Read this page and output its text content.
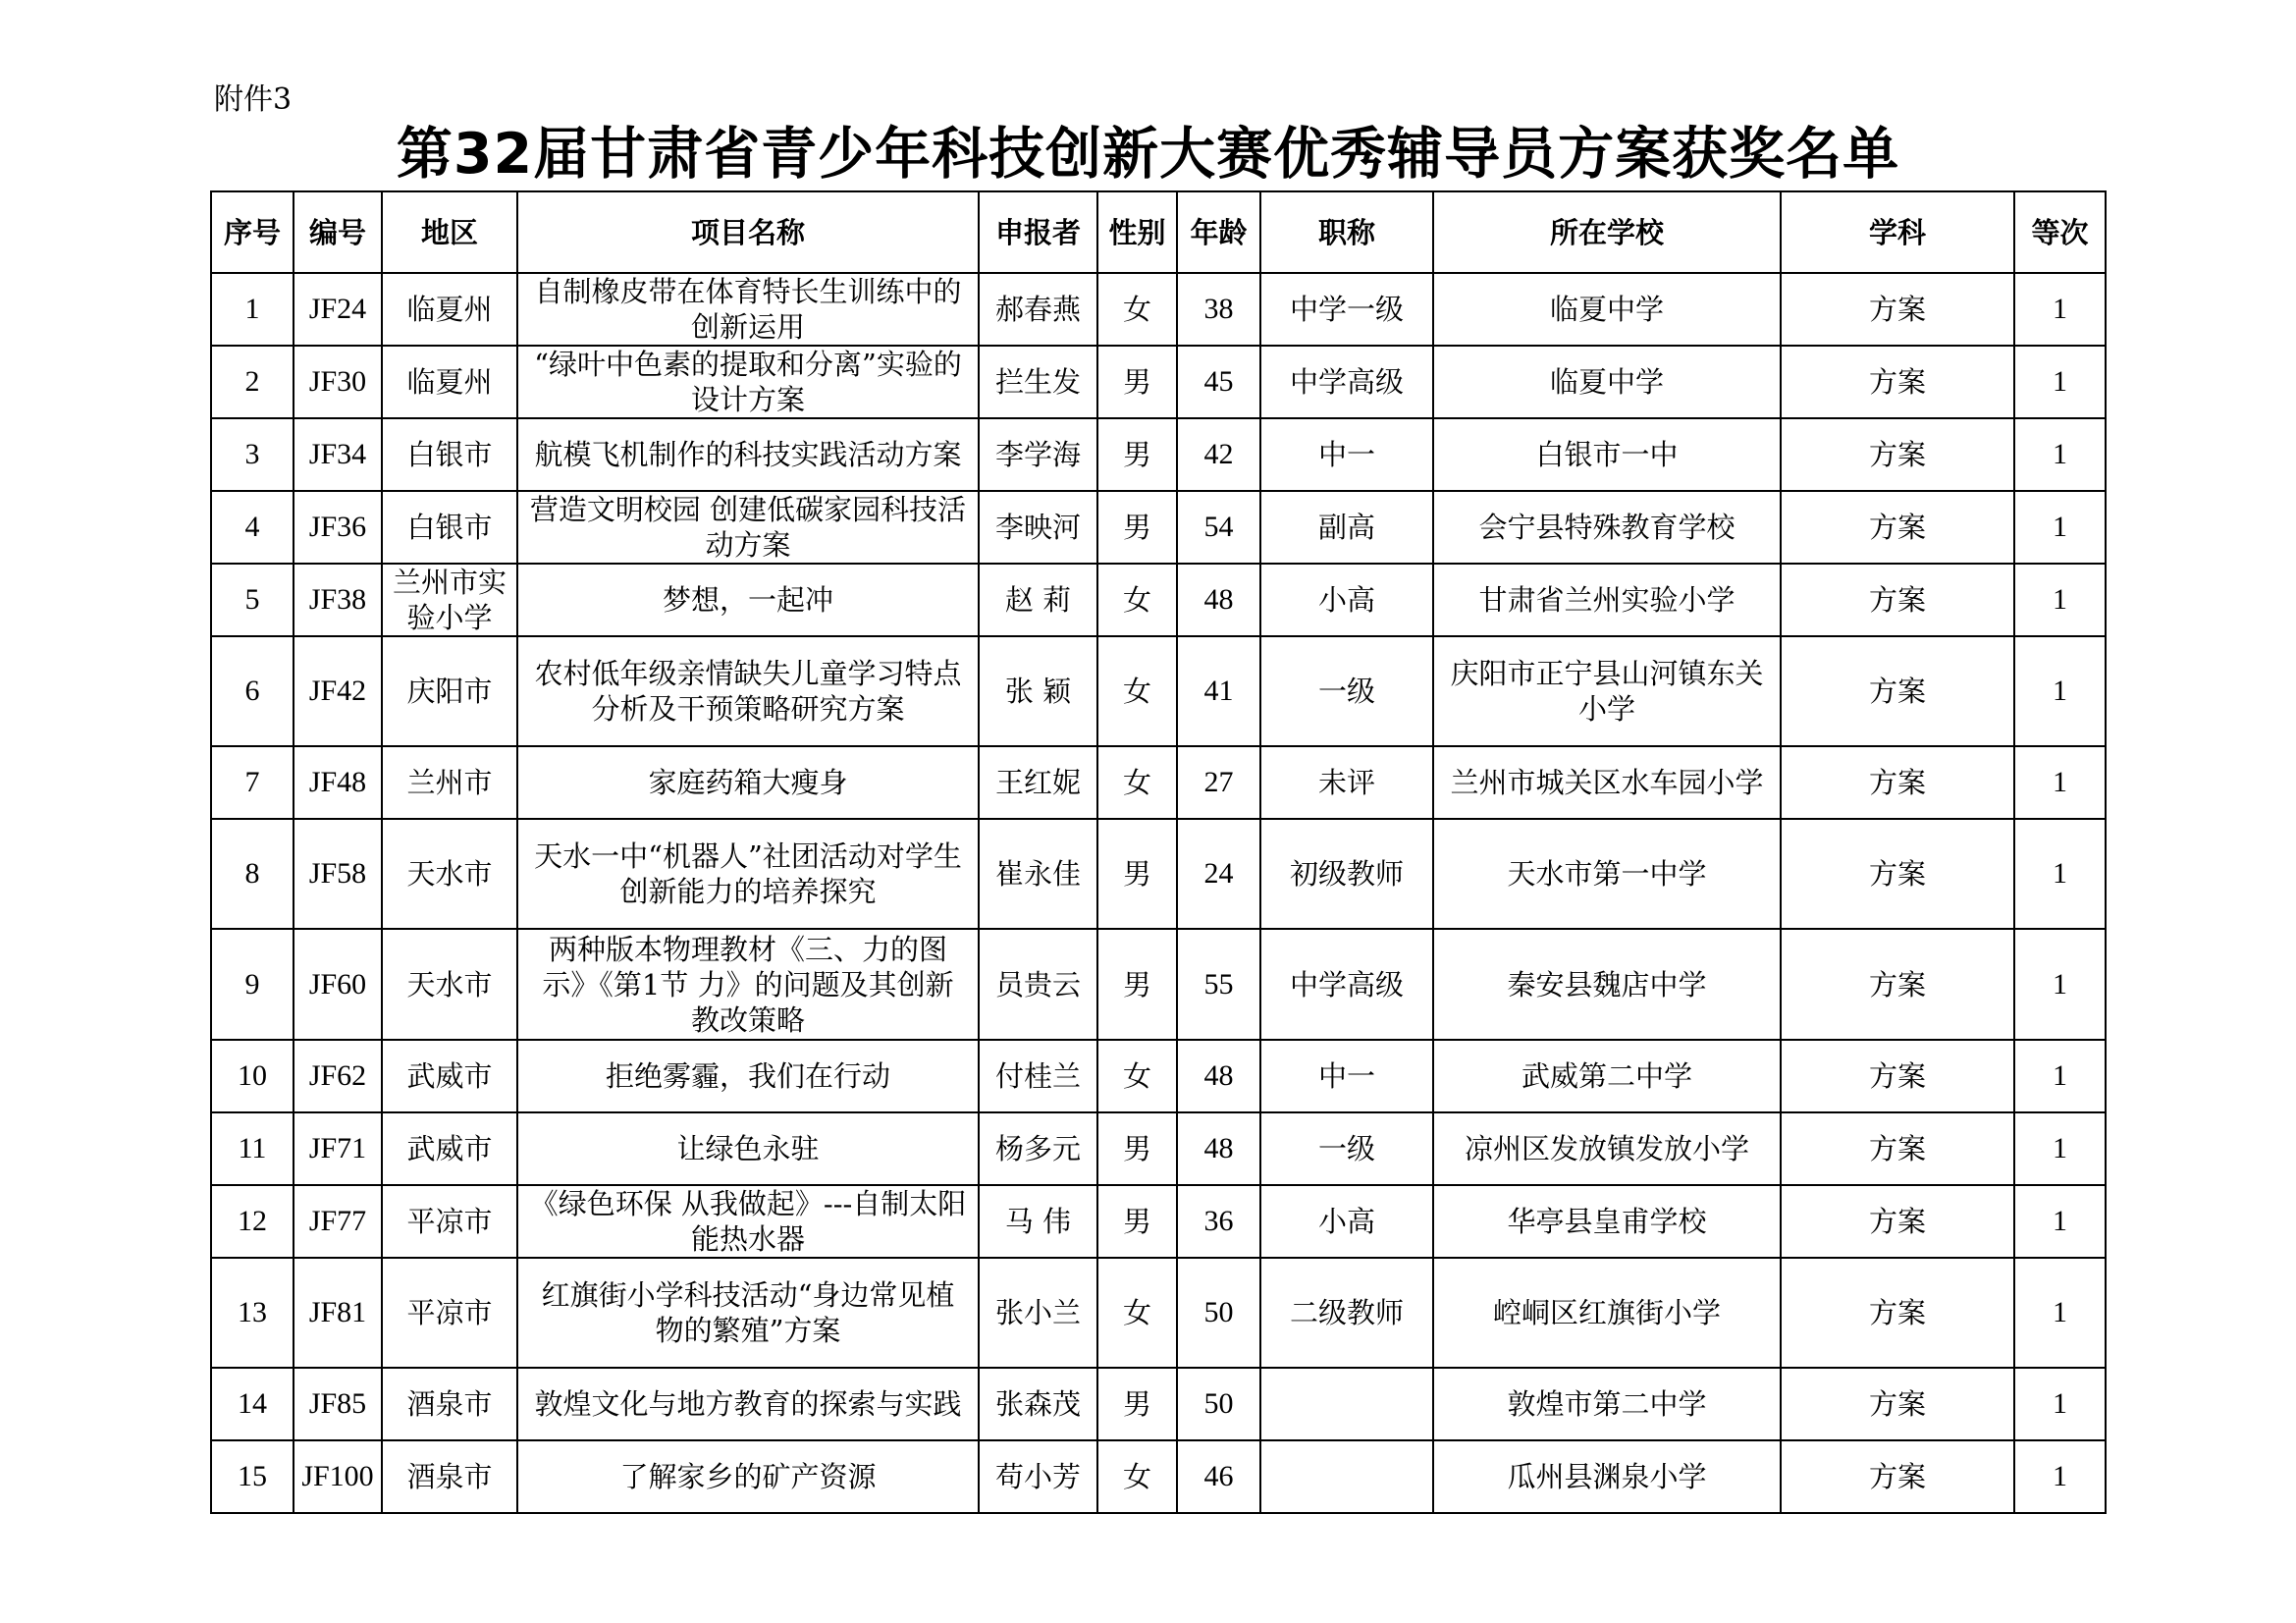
附件3
第32届甘肃省青少年科技创新大赛优秀辅导员方案获奖名单
序号	编号	地区	项目名称	申报者	性别	年龄	职称	所在学校	学科	等次
1	JF24	临夏州	自制橡皮带在体育特长生训练中的创新运用	郝春燕	女	38	中学一级	临夏中学	方案	1
2	JF30	临夏州	“绿叶中色素的提取和分离”实验的设计方案	拦生发	男	45	中学高级	临夏中学	方案	1
3	JF34	白银市	航模飞机制作的科技实践活动方案	李学海	男	42	中一	白银市一中	方案	1
4	JF36	白银市	营造文明校园 创建低碳家园科技活动方案	李映河	男	54	副高	会宁县特殊教育学校	方案	1
5	JF38	兰州市实验小学	梦想，一起冲	赵 莉	女	48	小高	甘肃省兰州实验小学	方案	1
6	JF42	庆阳市	农村低年级亲情缺失儿童学习特点分析及干预策略研究方案	张 颖	女	41	一级	庆阳市正宁县山河镇东关小学	方案	1
7	JF48	兰州市	家庭药箱大瘦身	王红妮	女	27	未评	兰州市城关区水车园小学	方案	1
8	JF58	天水市	天水一中“机器人”社团活动对学生创新能力的培养探究	崔永佳	男	24	初级教师	天水市第一中学	方案	1
9	JF60	天水市	两种版本物理教材《三、力的图示》《第1节 力》的问题及其创新教改策略	员贵云	男	55	中学高级	秦安县魏店中学	方案	1
10	JF62	武威市	拒绝雾霾，我们在行动	付桂兰	女	48	中一	武威第二中学	方案	1
11	JF71	武威市	让绿色永驻	杨多元	男	48	一级	凉州区发放镇发放小学	方案	1
12	JF77	平凉市	《绿色环保 从我做起》---自制太阳能热水器	马 伟	男	36	小高	华亭县皇甫学校	方案	1
13	JF81	平凉市	红旗街小学科技活动“身边常见植物的繁殖”方案	张小兰	女	50	二级教师	崆峒区红旗街小学	方案	1
14	JF85	酒泉市	敦煌文化与地方教育的探索与实践	张森茂	男	50		敦煌市第二中学	方案	1
15	JF100	酒泉市	了解家乡的矿产资源	苟小芳	女	46		瓜州县渊泉小学	方案	1
